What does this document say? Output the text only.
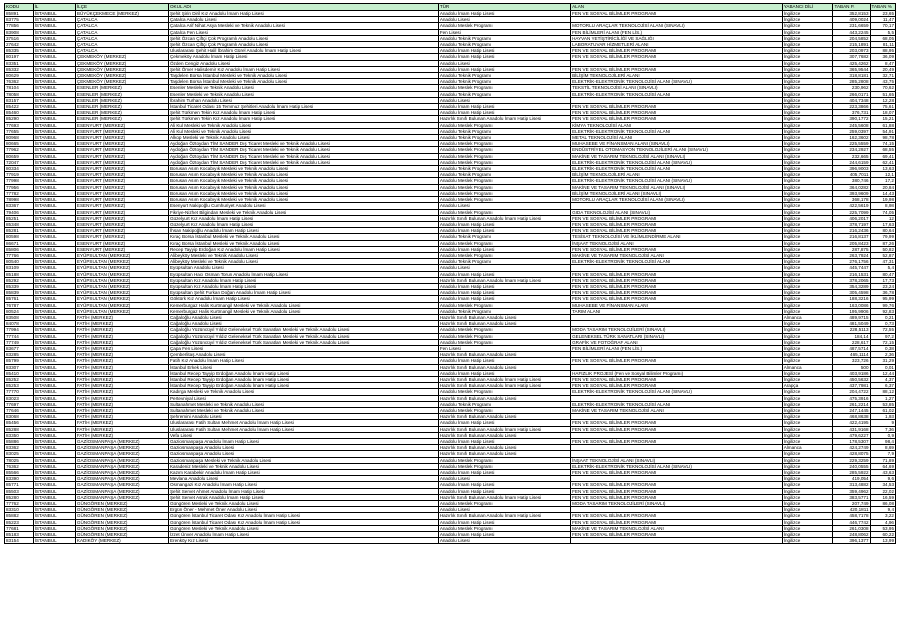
KODU	İL	İLÇE	OKUL ADI	TÜR	ALAN	YABANCI DİLİ	TABAN P.	TABAN %
85891	İSTANBUL	BÜYÜKÇEKMECE (MERKEZ)	Şehit Şirin Diril Kız Anadolu İmam Hatip Lisesi	Anadolu İmam Hatip Lisesi	FEN VE SOSYAL BİLİMLER PROGRAMI	İngilizce	352,8153	23,65
83775	İSTANBUL	ÇATALCA	Çatalca Anadolu Lisesi	Anadolu Lisesi		İngilizce	409,0024	11,47
77856	İSTANBUL	ÇATALCA	Çatalca Arif Nihat Asya Mesleki ve Teknik Anadolu Lisesi	Anadolu Meslek Programı	MOTORLU ARAÇLAR TEKNOLOJİSİ ALANI (SINAVLI)	İngilizce	231,6659	70,17
83908	İSTANBUL	ÇATALCA	Çatalca Fen Lisesi	Fen Lisesi	FEN BİLİMLERİ ALANI (FEN LİS.)	İngilizce	443,2245	5,5
37516	İSTANBUL	ÇATALCA	Şehit Özcan Çiftçi Çok Programlı Anadolu Lisesi	Anadolu Teknik Programı	HAYVAN YETİŞTİRİCİLİĞİ VE SAĞLIĞI	İngilizce	204,5852	68,05
27642	İSTANBUL	ÇATALCA	Şehit Özcan Çiftçi Çok Programlı Anadolu Lisesi	Anadolu Teknik Programı	LABORATUVAR HİZMETLERİ ALANI	İngilizce	215,1891	81,11
85335	İSTANBUL	ÇATALCA	Uluslararası Şehit Halil İbrahim Gürel Anadolu İmam Hatip Lisesi	Anadolu İmam Hatip Lisesi	FEN VE SOSYAL BİLİMLER PROGRAMI	İngilizce	203,0973	88,95
80197	İSTANBUL	ÇEKMEKÖY (MERKEZ)	Çekmeköy Anadolu İmam Hatip Lisesi	Anadolu İmam Hatip Lisesi	FEN VE SOSYAL BİLİMLER PROGRAMI	İngilizce	307,7682	36,09
83351	İSTANBUL	ÇEKMEKÖY (MERKEZ)	Özden Cengiz Anadolu Lisesi	Anadolu Lisesi		İngilizce	425,4262	8,47
85332	İSTANBUL	ÇEKMEKÖY (MERKEZ)	Şehit Ömer Halisdemir Kız Anadolu İmam Hatip Lisesi	Anadolu İmam Hatip Lisesi	FEN VE SOSYAL BİLİMLER PROGRAMI	İngilizce	365,9544	20,49
80629	İSTANBUL	ÇEKMEKÖY (MERKEZ)	Taşdelen Borsa İstanbul Mesleki ve Teknik Anadolu Lisesi	Anadolu Teknik Programı	BİLİŞİM TEKNOLOJİLERİ ALANI	İngilizce	318,8181	32,71
76362	İSTANBUL	ÇEKMEKÖY (MERKEZ)	Taşdelen Borsa İstanbul Mesleki ve Teknik Anadolu Lisesi	Anadolu Teknik Programı	ELEKTRİK-ELEKTRONİK TEKNOLOJİSİ ALANI (SINAVLI)	İngilizce	285,2808	43,75
78104	İSTANBUL	ESENLER (MERKEZ)	Esenler Mesleki ve Teknik Anadolu Lisesi	Anadolu Meslek Programı	TEKSTİL TEKNOLOJİSİ ALANI (SINAVLI)	İngilizce	230,962	70,62
78058	İSTANBUL	ESENLER (MERKEZ)	Esenler Mesleki ve Teknik Anadolu Lisesi	Anadolu Teknik Programı	ELEKTRİK-ELEKTRONİK TEKNOLOJİSİ ALANI	İngilizce	266,0171	51,65
83157	İSTANBUL	ESENLER (MERKEZ)	İbrahim Turhan Anadolu Lisesi	Anadolu Lisesi		İngilizce	404,7348	12,28
85422	İSTANBUL	ESENLER (MERKEZ)	İstanbul Ticaret Odası 15 Temmuz Şehitleri Anadolu İmam Hatip Lisesi	Anadolu İmam Hatip Lisesi	FEN VE SOSYAL BİLİMLER PROGRAMI	İngilizce	223,3866	75,61
85460	İSTANBUL	ESENLER (MERKEZ)	Şehit Türkmen Tekin Kız Anadolu İmam Hatip Lisesi	Anadolu İmam Hatip Lisesi	FEN VE SOSYAL BİLİMLER PROGRAMI	İngilizce	376,731	18,07
85290	İSTANBUL	ESENLER (MERKEZ)	Şehit Türkmen Tekin Kız Anadolu İmam Hatip Lisesi	Hazırlık Sınıfı Bulunan Anadolu İmam Hatip Lisesi	FEN VE SOSYAL BİLİMLER PROGRAMI	İngilizce	390,1772	15,21
77693	İSTANBUL	ESENYURT (MERKEZ)	Ali Kul Mesleki ve Teknik Anadolu Lisesi	Anadolu Meslek Programı	KİMYA TEKNOLOJİSİ ALANI	İngilizce	245,5608	61,88
77655	İSTANBUL	ESENYURT (MERKEZ)	Ali Kul Mesleki ve Teknik Anadolu Lisesi	Anadolu Teknik Programı	ELEKTRİK-ELEKTRONİK TEKNOLOJİSİ ALANI	İngilizce	259,0397	54,91
80968	İSTANBUL	ESENYURT (MERKEZ)	Alkop Mesleki ve Teknik Anadolu Lisesi	Anadolu Teknik Programı	METAL TEKNOLOJİSİ ALANI	İngilizce	162,3602	98,78
80665	İSTANBUL	ESENYURT (MERKEZ)	Aydoğan Öztoydan TİM SANDER Dış Ticaret Mesleki ve Teknik Anadolu Lisesi	Anadolu Meslek Programı	MUHASEBE VE FİNANSMAN ALANI (SINAVLI)	İngilizce	225,5559	74,15
77962	İSTANBUL	ESENYURT (MERKEZ)	Aydoğan Öztoydan TİM SANDER Dış Ticaret Mesleki ve Teknik Anadolu Lisesi	Anadolu Meslek Programı	ENDÜSTRİYEL OTOMASYON TEKNOLOJİLERİ ALANI (SINAVLI)	İngilizce	234,2927	68,55
80659	İSTANBUL	ESENYURT (MERKEZ)	Aydoğan Öztoydan TİM SANDER Dış Ticaret Mesleki ve Teknik Anadolu Lisesi	Anadolu Meslek Programı	MAKİNE VE TASARIM TEKNOLOJİSİ ALANI (SINAVLI)	İngilizce	232,665	69,41
72047	İSTANBUL	ESENYURT (MERKEZ)	Aydoğan Öztoydan TİM SANDER Dış Ticaret Mesleki ve Teknik Anadolu Lisesi	Anadolu Meslek Programı	ELEKTRİK-ELEKTRONİK TEKNOLOJİSİ ALANI (SINAVLI)	İngilizce	244,6159	62,41
80334	İSTANBUL	ESENYURT (MERKEZ)	Borusan Asım Kocabıyık Mesleki ve Teknik Anadolu Lisesi	Anadolu Teknik Programı	ELEKTRİK-ELEKTRONİK TEKNOLOJİSİ ALANI	İngilizce	396,9003	13,63
77919	İSTANBUL	ESENYURT (MERKEZ)	Borusan Asım Kocabıyık Mesleki ve Teknik Anadolu Lisesi	Anadolu Teknik Programı	BİLİŞİM TEKNOLOJİLERİ ALANI	İngilizce	405,7011	12,1
77998	İSTANBUL	ESENYURT (MERKEZ)	Borusan Asım Kocabıyık Mesleki ve Teknik Anadolu Lisesi	Anadolu Meslek Programı	ELEKTRİK-ELEKTRONİK TEKNOLOJİSİ ALANI (SINAVLI)	İngilizce	380,746	17,2
77956	İSTANBUL	ESENYURT (MERKEZ)	Borusan Asım Kocabıyık Mesleki ve Teknik Anadolu Lisesi	Anadolu Meslek Programı	MAKİNE VE TASARIM TEKNOLOJİSİ ALANI (SINAVLI)	İngilizce	364,0282	20,84
77782	İSTANBUL	ESENYURT (MERKEZ)	Borusan Asım Kocabıyık Mesleki ve Teknik Anadolu Lisesi	Anadolu Meslek Programı	BİLİŞİM TEKNOLOJİLERİ ALANI (SINAVLI)	İngilizce	393,9609	14,43
78998	İSTANBUL	ESENYURT (MERKEZ)	Borusan Asım Kocabıyık Mesleki ve Teknik Anadolu Lisesi	Anadolu Meslek Programı	MOTORLU ARAÇLAR TEKNOLOJİSİ ALANI (SINAVLI)	İngilizce	368,178	19,98
83367	İSTANBUL	ESENYURT (MERKEZ)	Esenyurt Nakipoğlu Cumhuriyet Anadolu Lisesi	Anadolu Lisesi		İngilizce	422,5619	8,98
79406	İSTANBUL	ESENYURT (MERKEZ)	Fikriye-Nizhet Bilgindan Mesleki ve Teknik Anadolu Lisesi	Anadolu Meslek Programı	GIDA TEKNOLOJİSİ ALANI (SINAVLI)	İngilizce	225,7099	74,05
85251	İSTANBUL	ESENYURT (MERKEZ)	Güzelyurt Kız Anadolu İmam Hatip Lisesi	Hazırlık Sınıfı Bulunan Anadolu İmam Hatip Lisesi	FEN VE SOSYAL BİLİMLER PROGRAMI	İngilizce	406,2017	12
85348	İSTANBUL	ESENYURT (MERKEZ)	Güzelyurt Kız Anadolu İmam Hatip Lisesi	Anadolu İmam Hatip Lisesi	FEN VE SOSYAL BİLİMLER PROGRAMI	İngilizce	378,7197	17,63
85281	İSTANBUL	ESENYURT (MERKEZ)	İhsan Nakipoğlu Anadolu İmam Hatip Lisesi	Anadolu İmam Hatip Lisesi	FEN VE SOSYAL BİLİMLER PROGRAMI	İngilizce	216,2436	80,64
80598	İSTANBUL	ESENYURT (MERKEZ)	Kıraç Borsa İstanbul Mesleki ve Teknik Anadolu Lisesi	Anadolu Teknik Programı	TESİSAT TEKNOLOJİSİ VE İKLİMLENDİRME ALANI	İngilizce	216,8137	79,99
86671	İSTANBUL	ESENYURT (MERKEZ)	Kıraç Borsa İstanbul Mesleki ve Teknik Anadolu Lisesi	Anadolu Meslek Programı	İNŞAAT TEKNOLOJİSİ ALANI	İngilizce	205,8423	87,26
85806	İSTANBUL	ESENYURT (MERKEZ)	Recep Tayyip Erdoğan Kız Anadolu İmam Hatip Lisesi	Anadolu İmam Hatip Lisesi	FEN VE SOSYAL BİLİMLER PROGRAMI	İngilizce	287,875	50,82
77766	İSTANBUL	EYÜPSULTAN (MERKEZ)	Alibeyköy Mesleki ve Teknik Anadolu Lisesi	Anadolu Meslek Programı	MAKİNE VE TASARIM TEKNOLOJİSİ ALANI	İngilizce	263,7924	52,87
80540	İSTANBUL	EYÜPSULTAN (MERKEZ)	Alibeyköy Mesleki ve Teknik Anadolu Lisesi	Anadolu Teknik Programı	ELEKTRİK-ELEKTRONİK TEKNOLOJİSİ ALANI	İngilizce	276,1756	47,31
83109	İSTANBUL	EYÜPSULTAN (MERKEZ)	Eyüpsultan Anadolu Lisesi	Anadolu Lisesi		İngilizce	445,7447	5,4
85188	İSTANBUL	EYÜPSULTAN (MERKEZ)	Eyüpsultan Hacı Osman Torun Anadolu İmam Hatip Lisesi	Anadolu İmam Hatip Lisesi	FEN VE SOSYAL BİLİMLER PROGRAMI	İngilizce	216,1531	80,47
85292	İSTANBUL	EYÜPSULTAN (MERKEZ)	Eyüpsultan Kız Anadolu İmam Hatip Lisesi	Hazırlık Sınıfı Bulunan Anadolu İmam Hatip Lisesi	FEN VE SOSYAL BİLİMLER PROGRAMI	İngilizce	378,2065	17,73
85339	İSTANBUL	EYÜPSULTAN (MERKEZ)	Eyüpsultan Kız Anadolu İmam Hatip Lisesi	Anadolu İmam Hatip Lisesi	FEN VE SOSYAL BİLİMLER PROGRAMI	İngilizce	354,3289	23,24
85839	İSTANBUL	EYÜPSULTAN (MERKEZ)	Eyüpsultan Şehit Furkan Doğan Anadolu İmam Hatip Lisesi	Anadolu İmam Hatip Lisesi	FEN VE SOSYAL BİLİMLER PROGRAMI	İngilizce	305,4598	36,78
85761	İSTANBUL	EYÜPSULTAN (MERKEZ)	Göktürk Kız Anadolu İmam Hatip Lisesi	Anadolu İmam Hatip Lisesi	FEN VE SOSYAL BİLİMLER PROGRAMI	İngilizce	188,3216	95,99
76787	İSTANBUL	EYÜPSULTAN (MERKEZ)	Kemerburgaz Halis Kurtmangil Mesleki ve Teknik Anadolu Lisesi	Anadolu Meslek Programı	MUHASEBE VE FİNANSMAN ALANI	İngilizce	163,0086	99,76
80524	İSTANBUL	EYÜPSULTAN (MERKEZ)	Kemerburgaz Halis Kurtmangil Mesleki ve Teknik Anadolu Lisesi	Anadolu Teknik Programı	TARIM ALANI	İngilizce	195,9906	92,83
83508	İSTANBUL	FATİH (MERKEZ)	Cağaloğlu Anadolu Lisesi	Hazırlık Sınıfı Bulunan Anadolu Lisesi		Almanca	489,9715	0,21
84078	İSTANBUL	FATİH (MERKEZ)	Cağaloğlu Anadolu Lisesi	Hazırlık Sınıfı Bulunan Anadolu Lisesi		İngilizce	481,5049	0,73
77994	İSTANBUL	FATİH (MERKEZ)	Cağaloğlu Yüzüncüyıl Yıldız Geleneksel Türk Sanatları Mesleki ve Teknik Anadolu Lisesi	Anadolu Meslek Programı	MODA TASARIM TEKNOLOJİLERİ (SINAVLI)	İngilizce	228,5113	72,55
77744	İSTANBUL	FATİH (MERKEZ)	Cağaloğlu Yüzüncüyıl Yıldız Geleneksel Türk Sanatları Mesleki ve Teknik Anadolu Lisesi	Anadolu Meslek Programı	GELENEKSEL TÜRK SANATLARI (SINAVLI)	İngilizce	184,14	97,2
77749	İSTANBUL	FATİH (MERKEZ)	Cağaloğlu Yüzüncüyıl Yıldız Geleneksel Türk Sanatları Mesleki ve Teknik Anadolu Lisesi	Anadolu Meslek Programı	GRAFİK VE FOTOĞRAF ALANI	İngilizce	228,617	72,15
83677	İSTANBUL	FATİH (MERKEZ)	Çapa Fen Lisesi	Fen Lisesi	FEN BİLİMLERİ ALANI (FEN LİS.)	İngilizce	487,5714	0,38
83285	İSTANBUL	FATİH (MERKEZ)	Çemberlitaş Anadolu Lisesi	Hazırlık Sınıfı Bulunan Anadolu Lisesi		İngilizce	465,1114	2,36
85799	İSTANBUL	FATİH (MERKEZ)	Fatih Kız Anadolu İmam Hatip Lisesi	Anadolu İmam Hatip Lisesi	FEN VE SOSYAL BİLİMLER PROGRAMI	İngilizce	323,726	31,29
83307	İSTANBUL	FATİH (MERKEZ)	İstanbul Erkek Lisesi	Hazırlık Sınıfı Bulunan Anadolu Lisesi		Almanca	500	0,01
85410	İSTANBUL	FATİH (MERKEZ)	İstanbul Recep Tayyip Erdoğan Anadolu İmam Hatip Lisesi	Anadolu İmam Hatip Lisesi	HAFIZLIK PROJESİ (Fen ve Sosyal Bilimler Programı)	İngilizce	403,9186	12,44
85252	İSTANBUL	FATİH (MERKEZ)	İstanbul Recep Tayyip Erdoğan Anadolu İmam Hatip Lisesi	Hazırlık Sınıfı Bulunan Anadolu İmam Hatip Lisesi	FEN VE SOSYAL BİLİMLER PROGRAMI	İngilizce	450,5632	4,37
85253	İSTANBUL	FATİH (MERKEZ)	İstanbul Recep Tayyip Erdoğan Anadolu İmam Hatip Lisesi	Hazırlık Sınıfı Bulunan Anadolu İmam Hatip Lisesi	FEN VE SOSYAL BİLİMLER PROGRAMI	Arapça	437,7981	6,37
77770	İSTANBUL	FATİH (MERKEZ)	Kadırga Mesleki ve Teknik Anadolu Lisesi	Anadolu Meslek Programı	ELEKTRİK-ELEKTRONİK TEKNOLOJİSİ ALANI (SINAVLI)	İngilizce	204,4722	88,12
83023	İSTANBUL	FATİH (MERKEZ)	Pertevniyal Lisesi	Hazırlık Sınıfı Bulunan Anadolu Lisesi		İngilizce	475,3916	1,27
77697	İSTANBUL	FATİH (MERKEZ)	Sultanahmet Mesleki ve Teknik Anadolu Lisesi	Anadolu Teknik Programı	ELEKTRİK-ELEKTRONİK TEKNOLOJİSİ ALANI	İngilizce	261,2214	53,85
77646	İSTANBUL	FATİH (MERKEZ)	Sultanahmet Mesleki ve Teknik Anadolu Lisesi	Anadolu Meslek Programı	MAKİNE VE TASARIM TEKNOLOJİSİ ALANI	İngilizce	247,1445	61,02
83068	İSTANBUL	FATİH (MERKEZ)	Şehremini Anadolu Lisesi	Hazırlık Sınıfı Bulunan Anadolu Lisesi		İngilizce	468,8638	1,93
85456	İSTANBUL	FATİH (MERKEZ)	Uluslararası Fatih Sultan Mehmet Anadolu İmam Hatip Lisesi	Anadolu İmam Hatip Lisesi	FEN VE SOSYAL BİLİMLER PROGRAMI	İngilizce	422,4195	9
85288	İSTANBUL	FATİH (MERKEZ)	Uluslararası Fatih Sultan Mehmet Anadolu İmam Hatip Lisesi	Hazırlık Sınıfı Bulunan Anadolu İmam Hatip Lisesi	FEN VE SOSYAL BİLİMLER PROGRAMI	İngilizce	431,9168	7,36
83350	İSTANBUL	FATİH (MERKEZ)	Vefa Lisesi	Hazırlık Sınıfı Bulunan Anadolu Lisesi		İngilizce	479,6227	0,9
85886	İSTANBUL	GAZİOSMANPAŞA (MERKEZ)	Gaziosmanpaşa Anadolu İmam Hatip Lisesi	Anadolu İmam Hatip Lisesi	FEN VE SOSYAL BİLİMLER PROGRAMI	İngilizce	178,5307	98,4
83362	İSTANBUL	GAZİOSMANPAŞA (MERKEZ)	Gaziosmanpaşa Anadolu Lisesi	Hazırlık Sınıfı Bulunan Anadolu Lisesi		Almanca	424,2749	8,69
83025	İSTANBUL	GAZİOSMANPAŞA (MERKEZ)	Gaziosmanpaşa Anadolu Lisesi	Hazırlık Sınıfı Bulunan Anadolu Lisesi		İngilizce	428,8075	7,9
78025	İSTANBUL	GAZİOSMANPAŞA (MERKEZ)	Gaziosmanpaşa Mesleki ve Teknik Anadolu Lisesi	Anadolu Meslek Programı	İNŞAAT TEKNOLOJİSİ ALANI (SINAVLI)	İngilizce	229,3259	71,89
76362	İSTANBUL	GAZİOSMANPAŞA (MERKEZ)	Karadeniz Mesleki ve Teknik Anadolu Lisesi	Anadolu Meslek Programı	ELEKTRİK-ELEKTRONİK TEKNOLOJİSİ ALANI (SINAVLI)	İngilizce	240,0555	64,69
85566	İSTANBUL	GAZİOSMANPAŞA (MERKEZ)	Kazım Karabekir Anadolu İmam Hatip Lisesi	Anadolu İmam Hatip Lisesi	FEN VE SOSYAL BİLİMLER PROGRAMI	İngilizce	285,5922	43,63
83390	İSTANBUL	GAZİOSMANPAŞA (MERKEZ)	Mevlana Anadolu Lisesi	Anadolu Lisesi		İngilizce	419,054	9,6
85771	İSTANBUL	GAZİOSMANPAŞA (MERKEZ)	Osmangazi Kız Anadolu İmam Hatip Lisesi	Anadolu İmam Hatip Lisesi	FEN VE SOSYAL BİLİMLER PROGRAMI	İngilizce	313,4882	34,53
85503	İSTANBUL	GAZİOSMANPAŞA (MERKEZ)	Şehit Servet Ahmet Anadolu İmam Hatip Lisesi	Anadolu İmam Hatip Lisesi	FEN VE SOSYAL BİLİMLER PROGRAMI	İngilizce	359,4962	22,02
85280	İSTANBUL	GAZİOSMANPAŞA (MERKEZ)	Şehit Servet Asrak Anadolu İmam Hatip Lisesi	Hazırlık Sınıfı Bulunan Anadolu İmam Hatip Lisesi	FEN VE SOSYAL BİLİMLER PROGRAMI	İngilizce	383,5771	16,59
77762	İSTANBUL	GÜNGÖREN (MERKEZ)	Güngören Mesleki ve Teknik Anadolu Lisesi	Anadolu Meslek Programı	MODA TASARIM TEKNOLOJİLERİ (SINAVLI)	İngilizce	207,749	86,08
83310	İSTANBUL	GÜNGÖREN (MERKEZ)	Ergün Öner - Mehmet Öner Anadolu Lisesi	Anadolu Lisesi		İngilizce	420,1811	9,4
85882	İSTANBUL	GÜNGÖREN (MERKEZ)	Güngören İstanbul Ticaret Odası Kız Anadolu İmam Hatip Lisesi	Hazırlık Sınıfı Bulunan Anadolu İmam Hatip Lisesi	FEN VE SOSYAL BİLİMLER PROGRAMI	İngilizce	458,7178	3,22
85223	İSTANBUL	GÜNGÖREN (MERKEZ)	Güngören İstanbul Ticaret Odası Kız Anadolu İmam Hatip Lisesi	Anadolu İmam Hatip Lisesi	FEN VE SOSYAL BİLİMLER PROGRAMI	İngilizce	446,7742	4,96
77681	İSTANBUL	GÜNGÖREN (MERKEZ)	Güngören Mesleki ve Teknik Anadolu Lisesi	Anadolu Meslek Programı	MAKİNE VE TASARIM TEKNOLOJİSİ ALANI	İngilizce	261,0308	53,95
85183	İSTANBUL	GÜNGÖREN (MERKEZ)	İzzet Ünver Anadolu İmam Hatip Lisesi	Anadolu İmam Hatip Lisesi	FEN VE SOSYAL BİLİMLER PROGRAMI	İngilizce	248,8062	60,22
83154	İSTANBUL	KADIKÖY (MERKEZ)	Erenköy Kız Lisesi	Anadolu Lisesi		İngilizce	396,1377	13,99
